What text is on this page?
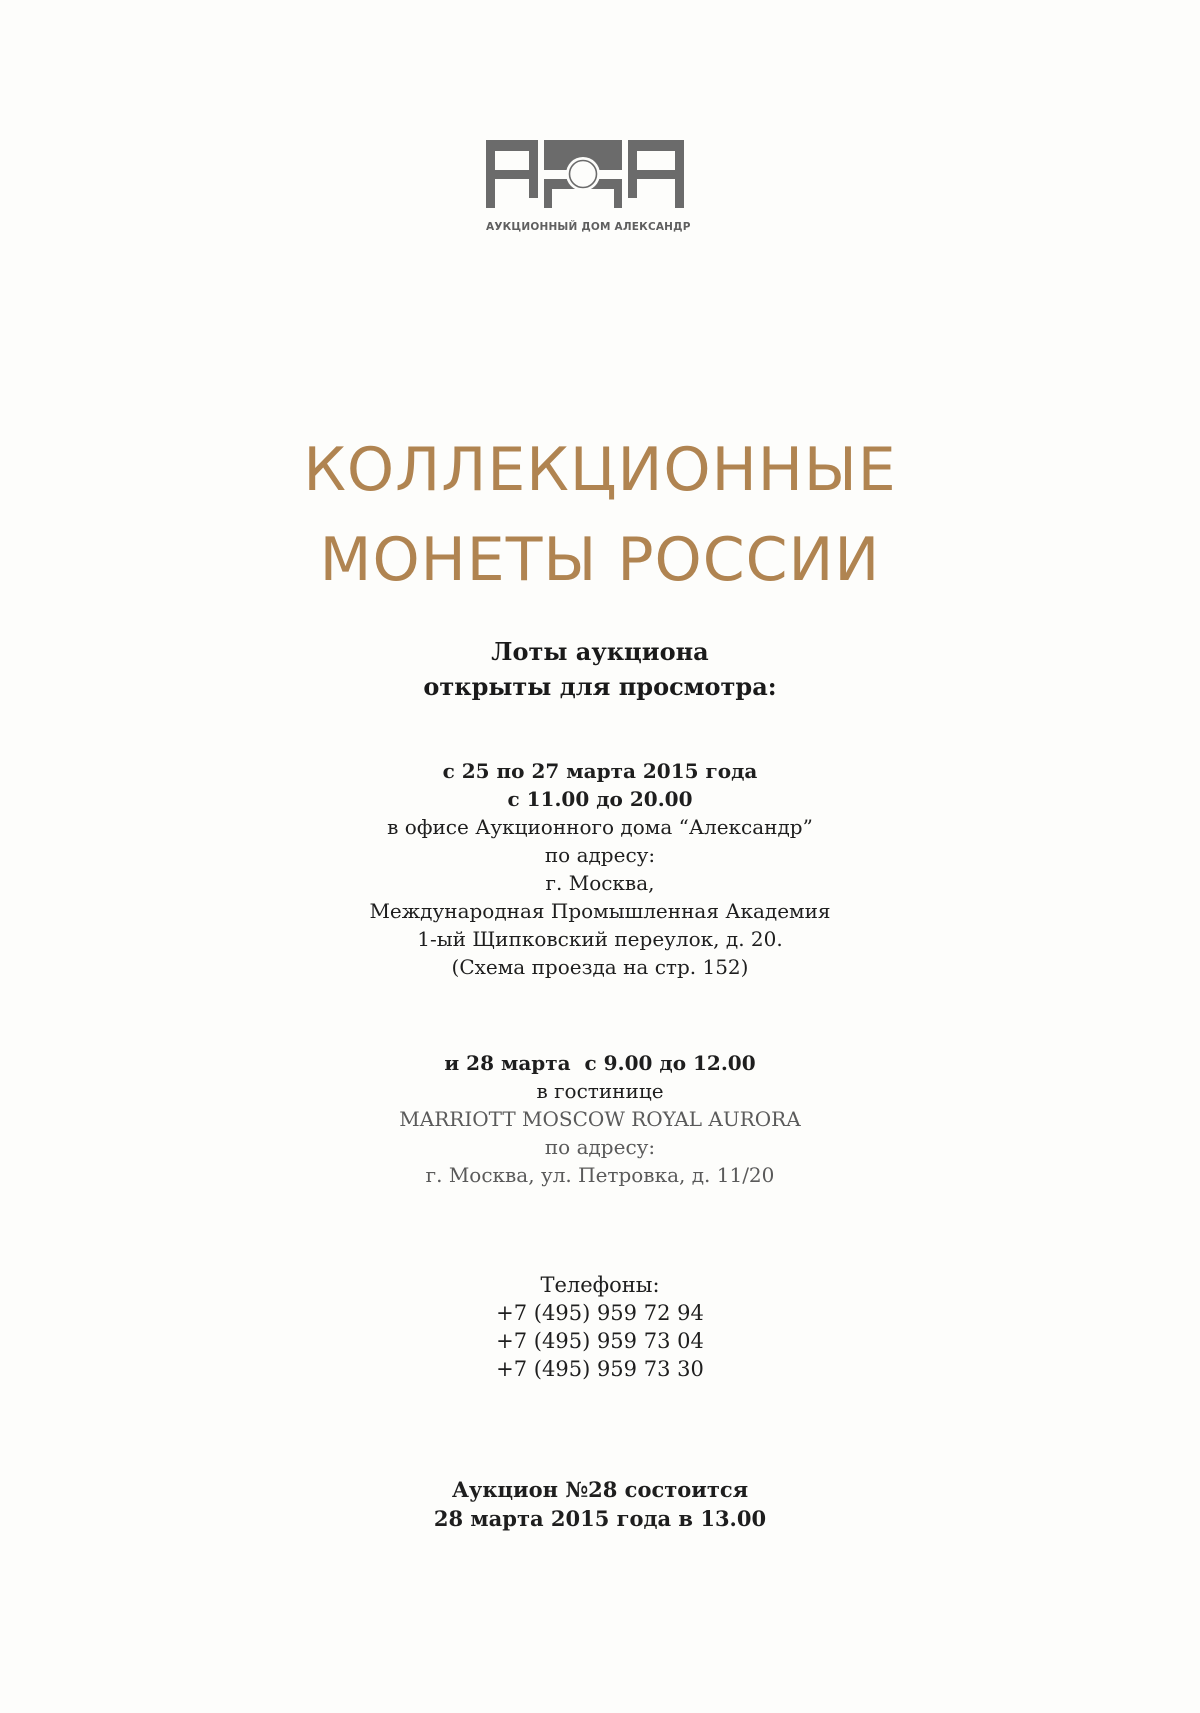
АУКЦИОННЫЙ ДОМ АЛЕКСАНДР
КОЛЛЕКЦИОННЫЕ
МОНЕТЫ РОССИИ
Лоты аукциона
открыты для просмотра:
с 25 по 27 марта 2015 года
с 11.00 до 20.00
в офисе Аукционного дома “Александр”
по адресу:
г. Москва,
Международная Промышленная Академия
1-ый Щипковский переулок, д. 20.
(Схема проезда на стр. 152)
и 28 марта  с 9.00 до 12.00
в гостинице
MARRIOTT MOSCOW ROYAL AURORA
по адресу:
г. Москва, ул. Петровка, д. 11/20
Телефоны:
+7 (495) 959 72 94
+7 (495) 959 73 04
+7 (495) 959 73 30
Аукцион №28 состоится
28 марта 2015 года в 13.00
